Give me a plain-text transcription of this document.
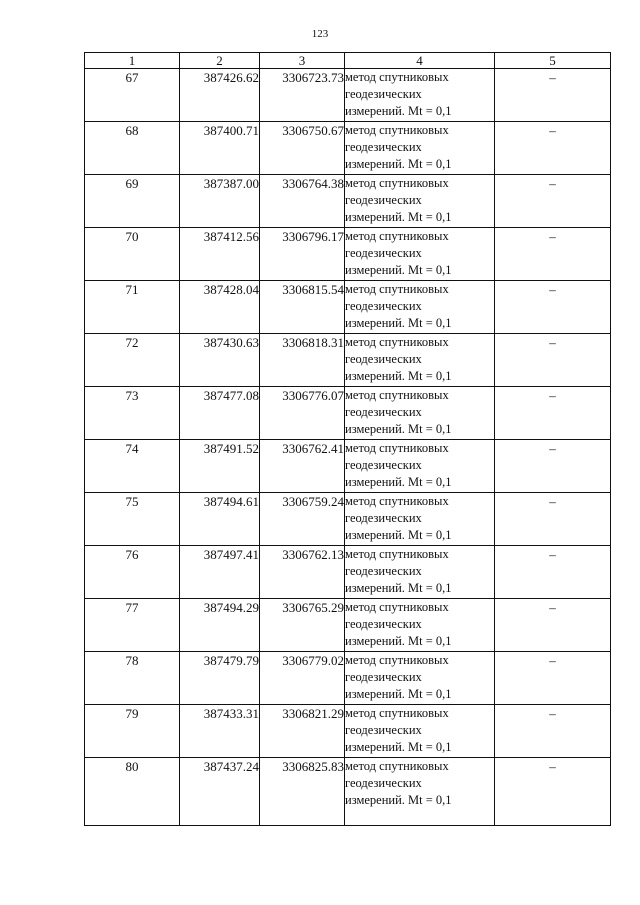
123
1	2	3	4	5
67	387426.62	3306723.73	метод спутниковых
геодезических
измерений. Mt = 0,1	–
68	387400.71	3306750.67	метод спутниковых
геодезических
измерений. Mt = 0,1	–
69	387387.00	3306764.38	метод спутниковых
геодезических
измерений. Mt = 0,1	–
70	387412.56	3306796.17	метод спутниковых
геодезических
измерений. Mt = 0,1	–
71	387428.04	3306815.54	метод спутниковых
геодезических
измерений. Mt = 0,1	–
72	387430.63	3306818.31	метод спутниковых
геодезических
измерений. Mt = 0,1	–
73	387477.08	3306776.07	метод спутниковых
геодезических
измерений. Mt = 0,1	–
74	387491.52	3306762.41	метод спутниковых
геодезических
измерений. Mt = 0,1	–
75	387494.61	3306759.24	метод спутниковых
геодезических
измерений. Mt = 0,1	–
76	387497.41	3306762.13	метод спутниковых
геодезических
измерений. Mt = 0,1	–
77	387494.29	3306765.29	метод спутниковых
геодезических
измерений. Mt = 0,1	–
78	387479.79	3306779.02	метод спутниковых
геодезических
измерений. Mt = 0,1	–
79	387433.31	3306821.29	метод спутниковых
геодезических
измерений. Mt = 0,1	–
80	387437.24	3306825.83	метод спутниковых
геодезических
измерений. Mt = 0,1	–
